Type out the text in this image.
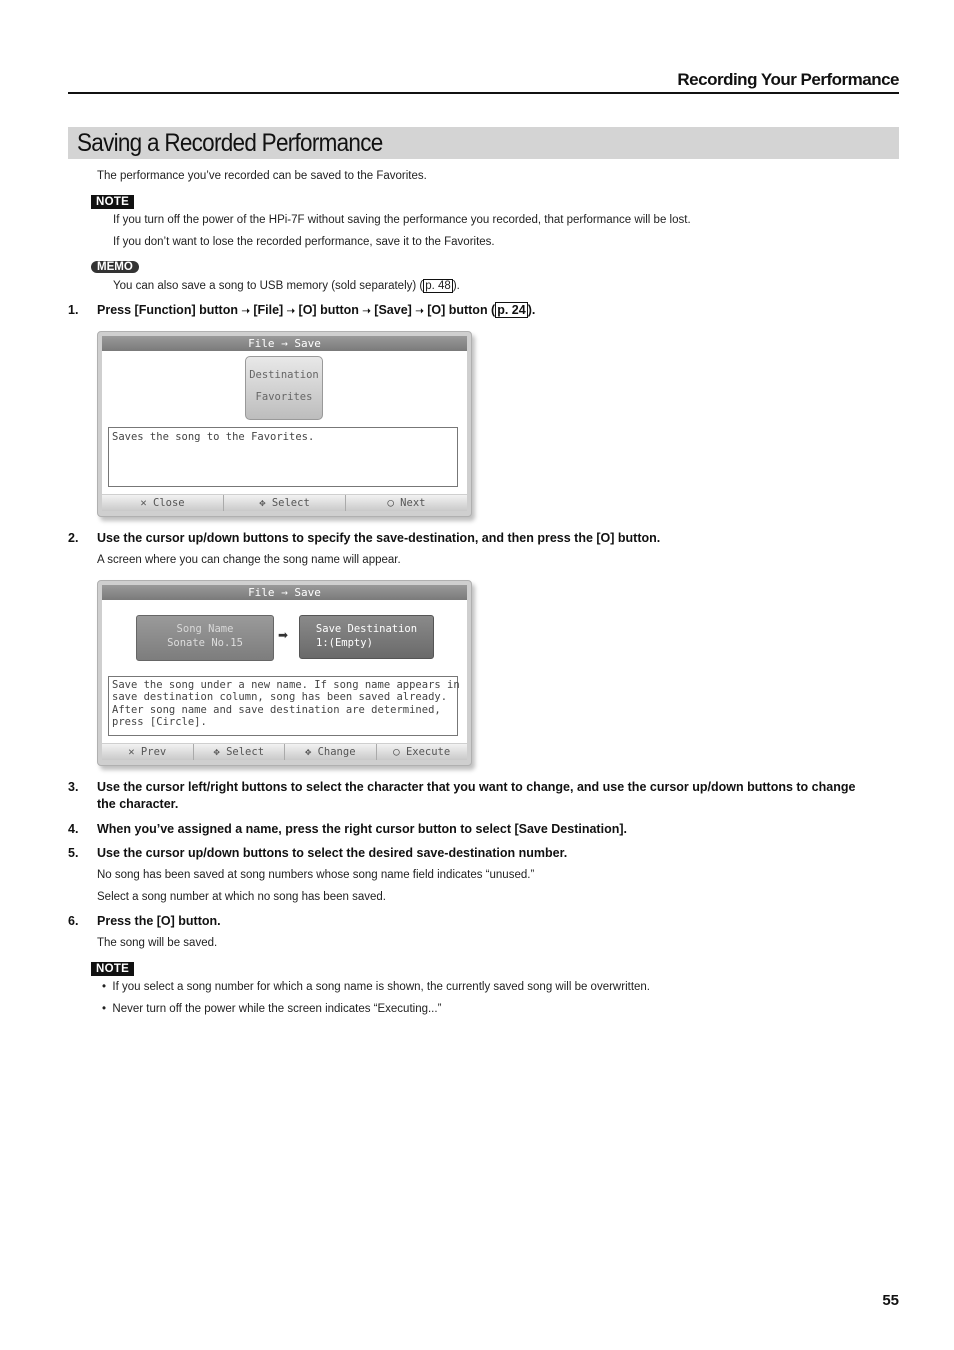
Recording Your Performance
Saving a Recorded Performance
The performance you’ve recorded can be saved to the Favorites.
NOTE
If you turn off the power of the HPi-7F without saving the performance you recorded, that performance will be lost.
If you don’t want to lose the recorded performance, save it to the Favorites.
MEMO
You can also save a song to USB memory (sold separately) ( p. 48 ).
1. Press [Function] button ➝ [File] ➝ [O] button ➝ [Save] ➝ [O] button ( p. 24 ).
File → Save
Destination
Favorites
Saves the song to the Favorites.
✕ Close	✥ Select	◯ Next
2. Use the cursor up/down buttons to specify the save-destination, and then press the [O] button.
A screen where you can change the song name will appear.
File → Save
Song Name
Sonate No.15
➡	Save Destination
1:(Empty)
Save the song under a new name. If song name appears in
save destination column, song has been saved already.
After song name and save destination are determined,
press [Circle].
✕ Prev	✥ Select	✥ Change	◯ Execute
3. Use the cursor left/right buttons to select the character that you want to change, and use the cursor up/down buttons to change
the character.
4. When you’ve assigned a name, press the right cursor button to select [Save Destination].
5. Use the cursor up/down buttons to select the desired save-destination number.
No song has been saved at song numbers whose song name field indicates “unused.”
Select a song number at which no song has been saved.
6. Press the [O] button.
The song will be saved.
NOTE
•  If you select a song number for which a song name is shown, the currently saved song will be overwritten.
•  Never turn off the power while the screen indicates “Executing...”
55
